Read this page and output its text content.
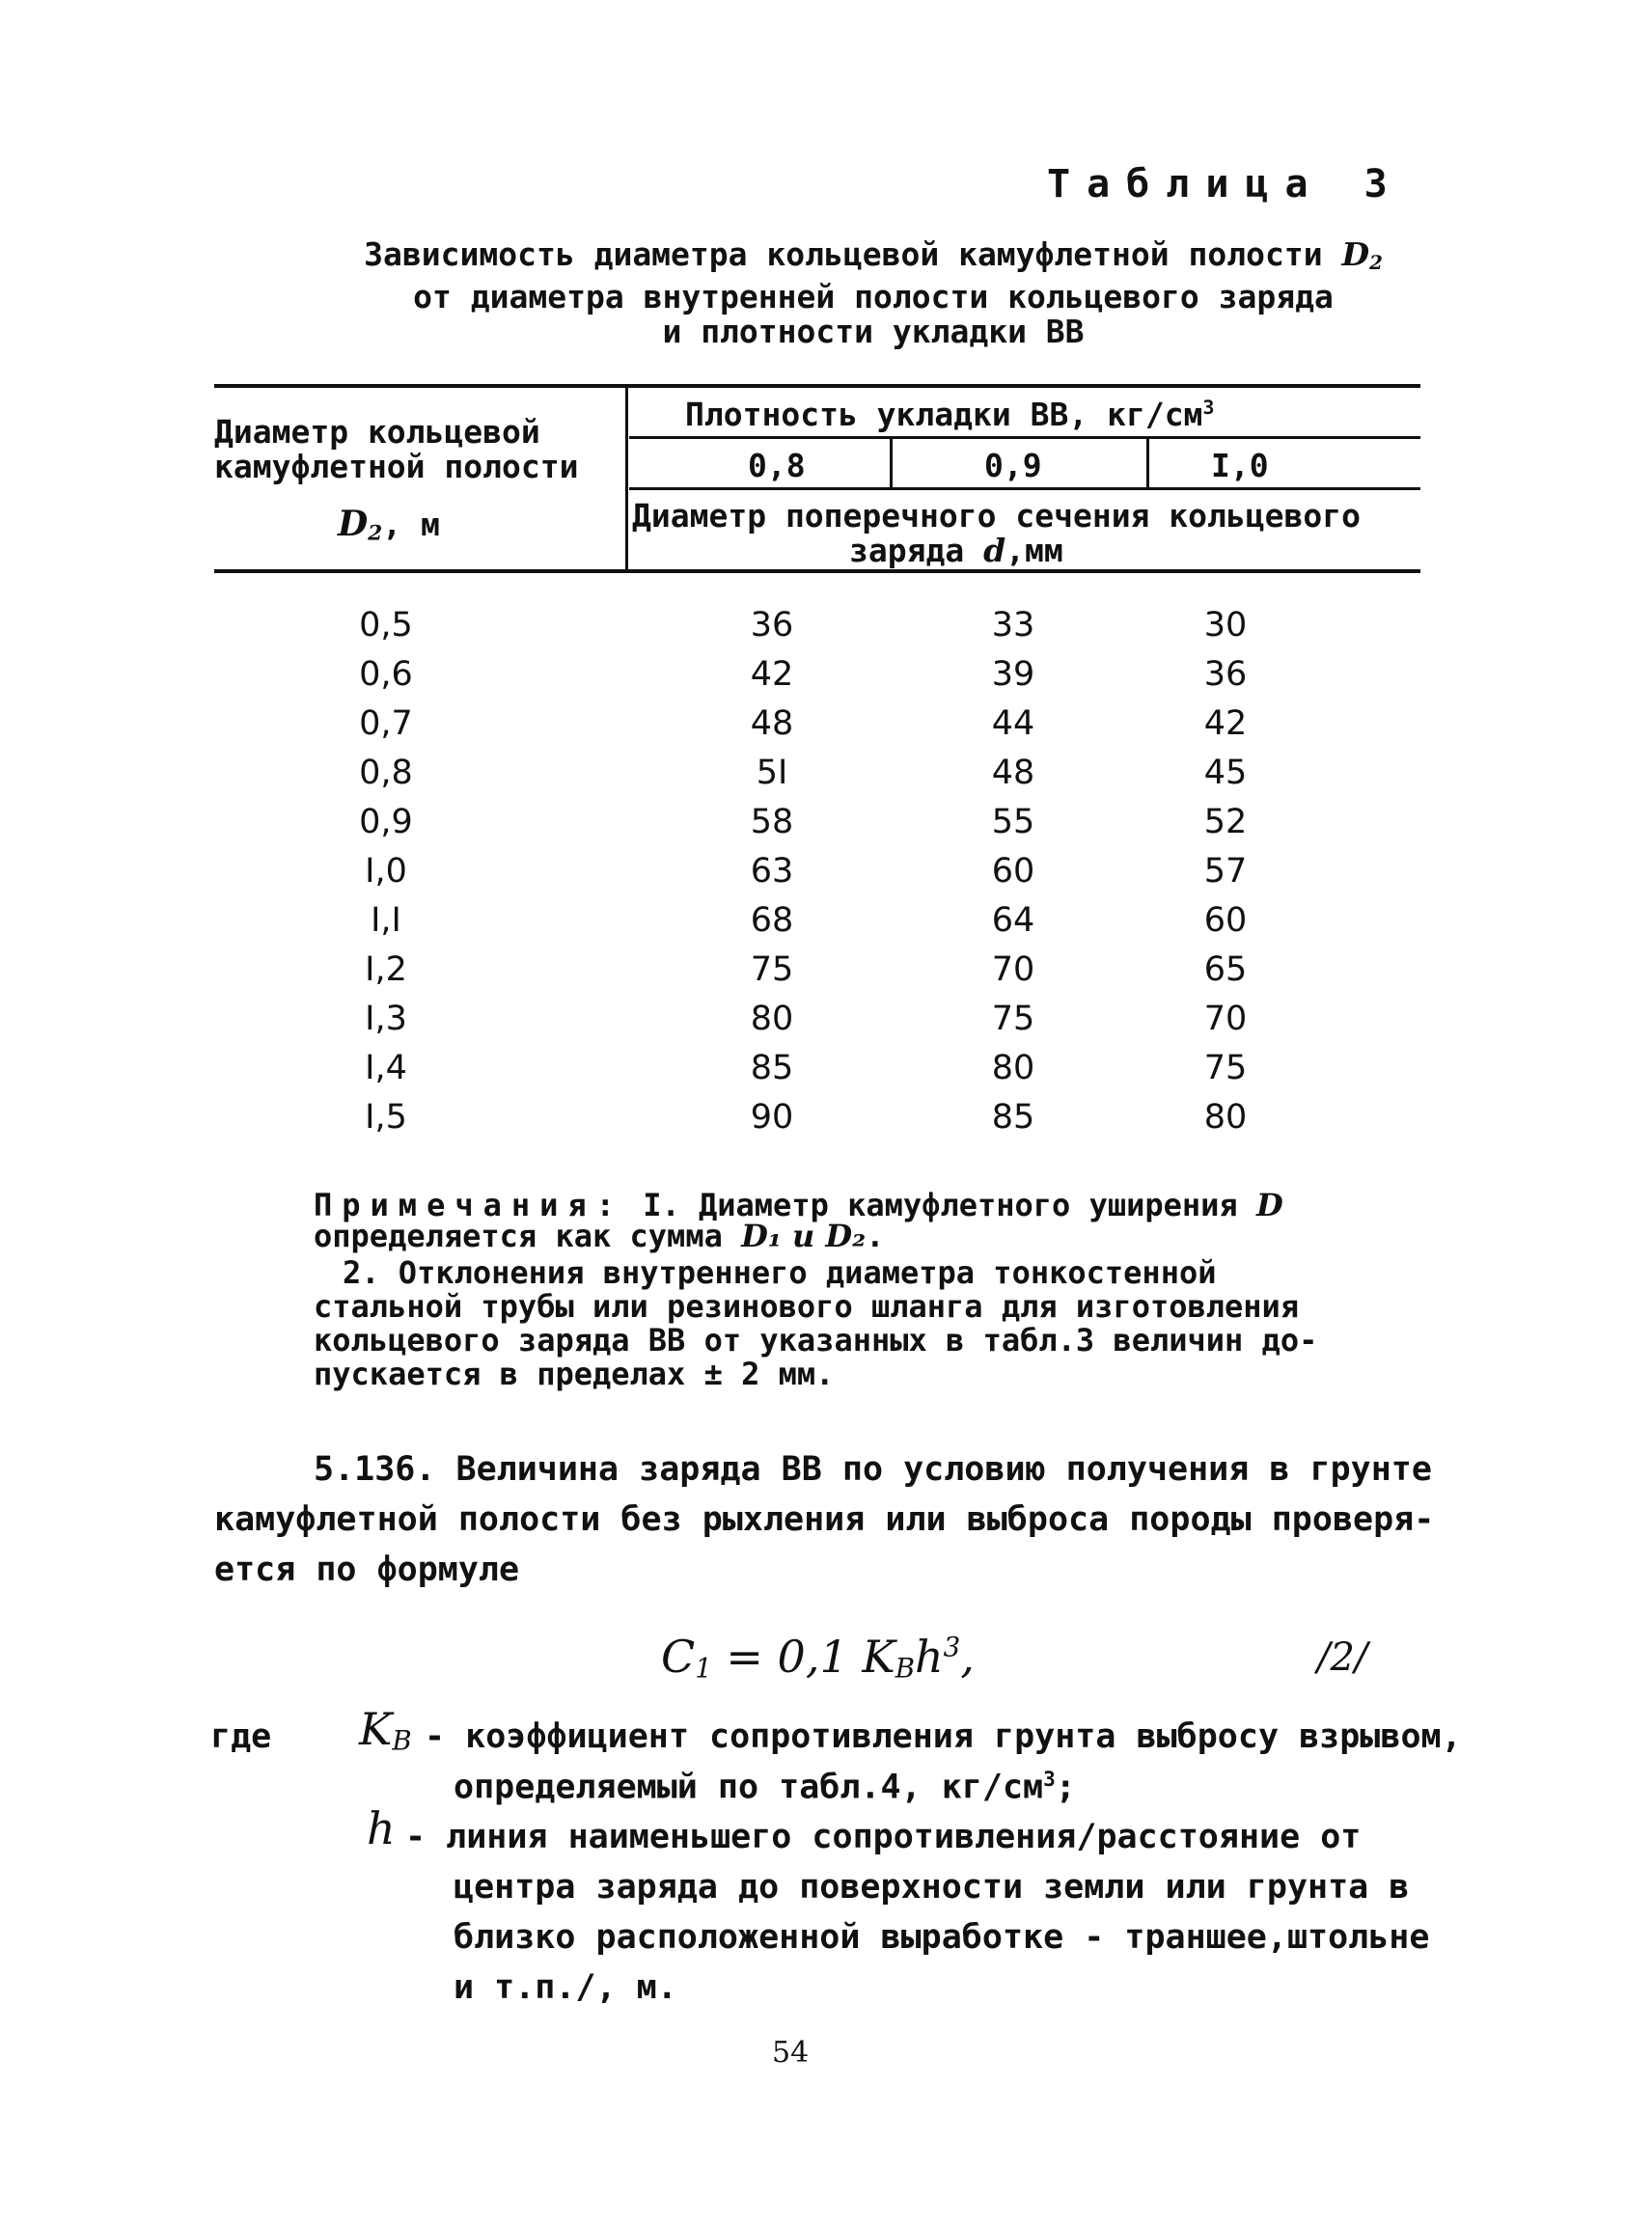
Таблица 3
Зависимость диаметра кольцевой камуфлетной полости D2
от диаметра внутренней полости кольцевого заряда
и плотности укладки ВВ
Диаметр кольцевой
камуфлетной полости
$D_2$, м
Плотность укладки ВВ, $кг/см^3$
0,8	0,9	I,0
Диаметр поперечного сечения кольцевого
заряда d,мм
0,5	36	33	30
0,6	42	39	36
0,7	48	44	42
0,8	5I	48	45
0,9	58	55	52
I,0	63	60	57
I,I	68	64	60
I,2	75	70	65
I,3	80	75	70
I,4	85	80	75
I,5	90	85	80
Примечания: I. Диаметр камуфлетного уширения D
определяется как сумма D₁ и D₂.
2. Отклонения внутреннего диаметра тонкостенной
стальной трубы или резинового шланга для изготовления
кольцевого заряда ВВ от указанных в табл.3 величин до-
пускается в пределах ± 2 мм.
5.136. Величина заряда ВВ по условию получения в грунте
камуфлетной полости без рыхления или выброса породы проверя-
ется по формуле
C1 = 0,1 KBh$^3$,	/2/
где KB - коэффициент сопротивления грунта выбросу взрывом,
определяемый по табл.4, $кг/см^3$;
h - линия наименьшего сопротивления/расстояние от
центра заряда до поверхности земли или грунта в
близко расположенной выработке - траншее,штольне
и т.п./, м.
54
